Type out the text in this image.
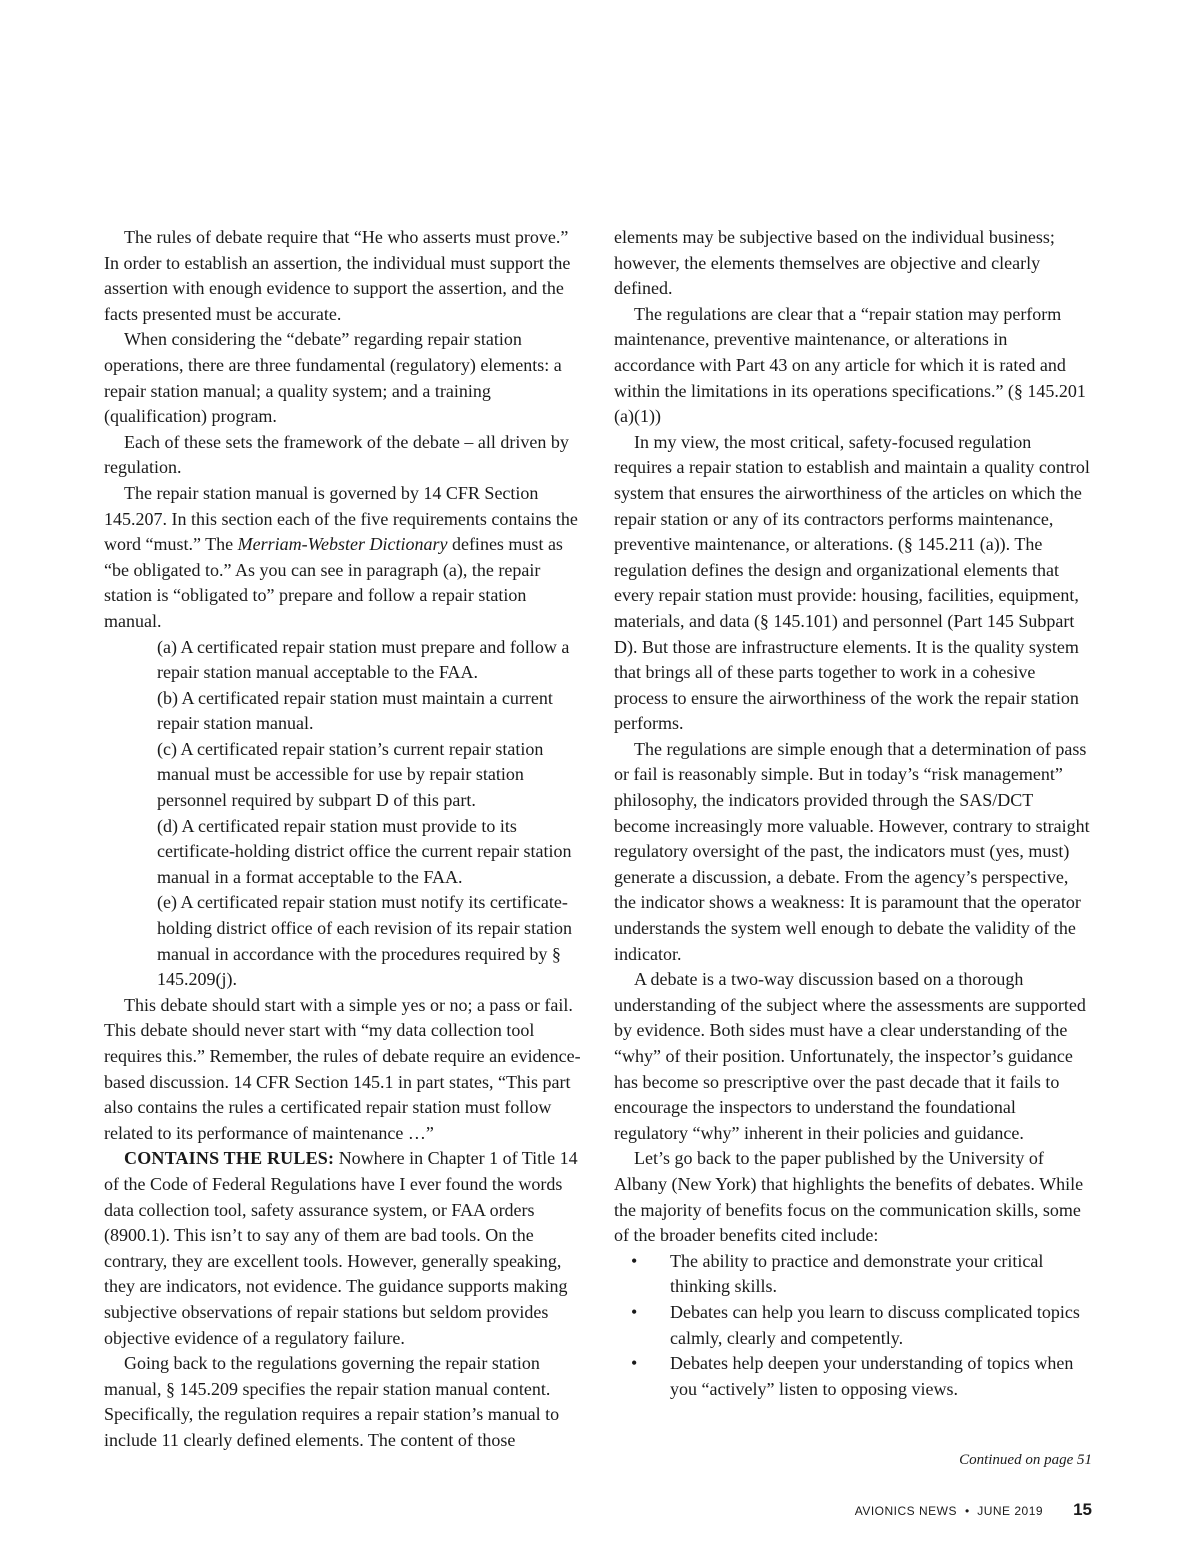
The rules of debate require that “He who asserts must prove.” In order to establish an assertion, the individual must support the assertion with enough evidence to support the assertion, and the facts presented must be accurate.

When considering the “debate” regarding repair station operations, there are three fundamental (regulatory) elements: a repair station manual; a quality system; and a training (qualification) program.

Each of these sets the framework of the debate – all driven by regulation.

The repair station manual is governed by 14 CFR Section 145.207. In this section each of the five requirements contains the word “must.” The Merriam-Webster Dictionary defines must as “be obligated to.” As you can see in paragraph (a), the repair station is “obligated to” prepare and follow a repair station manual.

(a) A certificated repair station must prepare and follow a repair station manual acceptable to the FAA.

(b) A certificated repair station must maintain a current repair station manual.

(c) A certificated repair station’s current repair station manual must be accessible for use by repair station personnel required by subpart D of this part.

(d) A certificated repair station must provide to its certificate-holding district office the current repair station manual in a format acceptable to the FAA.

(e) A certificated repair station must notify its certificate-holding district office of each revision of its repair station manual in accordance with the procedures required by § 145.209(j).

This debate should start with a simple yes or no; a pass or fail. This debate should never start with “my data collection tool requires this.” Remember, the rules of debate require an evidence-based discussion. 14 CFR Section 145.1 in part states, “This part also contains the rules a certificated repair station must follow related to its performance of maintenance …”

CONTAINS THE RULES: Nowhere in Chapter 1 of Title 14 of the Code of Federal Regulations have I ever found the words data collection tool, safety assurance system, or FAA orders (8900.1). This isn’t to say any of them are bad tools. On the contrary, they are excellent tools. However, generally speaking, they are indicators, not evidence. The guidance supports making subjective observations of repair stations but seldom provides objective evidence of a regulatory failure.

Going back to the regulations governing the repair station manual, § 145.209 specifies the repair station manual content. Specifically, the regulation requires a repair station’s manual to include 11 clearly defined elements. The content of those

elements may be subjective based on the individual business; however, the elements themselves are objective and clearly defined.

The regulations are clear that a “repair station may perform maintenance, preventive maintenance, or alterations in accordance with Part 43 on any article for which it is rated and within the limitations in its operations specifications.” (§ 145.201 (a)(1))

In my view, the most critical, safety-focused regulation requires a repair station to establish and maintain a quality control system that ensures the airworthiness of the articles on which the repair station or any of its contractors performs maintenance, preventive maintenance, or alterations. (§ 145.211 (a)). The regulation defines the design and organizational elements that every repair station must provide: housing, facilities, equipment, materials, and data (§ 145.101) and personnel (Part 145 Subpart D). But those are infrastructure elements. It is the quality system that brings all of these parts together to work in a cohesive process to ensure the airworthiness of the work the repair station performs.

The regulations are simple enough that a determination of pass or fail is reasonably simple. But in today’s “risk management” philosophy, the indicators provided through the SAS/DCT become increasingly more valuable. However, contrary to straight regulatory oversight of the past, the indicators must (yes, must) generate a discussion, a debate. From the agency’s perspective, the indicator shows a weakness: It is paramount that the operator understands the system well enough to debate the validity of the indicator.

A debate is a two-way discussion based on a thorough understanding of the subject where the assessments are supported by evidence. Both sides must have a clear understanding of the “why” of their position. Unfortunately, the inspector’s guidance has become so prescriptive over the past decade that it fails to encourage the inspectors to understand the foundational regulatory “why” inherent in their policies and guidance.

Let’s go back to the paper published by the University of Albany (New York) that highlights the benefits of debates. While the majority of benefits focus on the communication skills, some of the broader benefits cited include:

• The ability to practice and demonstrate your critical thinking skills.
• Debates can help you learn to discuss complicated topics calmly, clearly and competently.
• Debates help deepen your understanding of topics when you “actively” listen to opposing views.
Continued on page 51
AVIONICS NEWS • JUNE 2019 15
